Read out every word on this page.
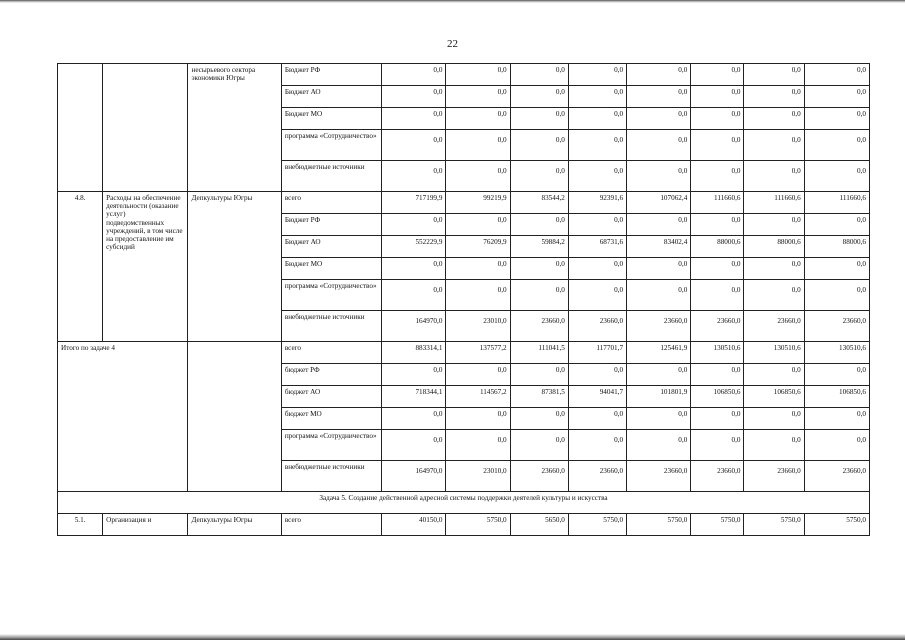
22
		несырьевого сектора экономики Югры	Бюджет РФ	0,0	0,0	0,0	0,0	0,0	0,0	0,0	0,0
			Бюджет АО	0,0	0,0	0,0	0,0	0,0	0,0	0,0	0,0
			Бюджет МО	0,0	0,0	0,0	0,0	0,0	0,0	0,0	0,0
			программа «Сотрудничество»	0,0	0,0	0,0	0,0	0,0	0,0	0,0	0,0
			внебюджетные источники	0,0	0,0	0,0	0,0	0,0	0,0	0,0	0,0
4.8.	Расходы на обеспечение деятельности (оказание услуг) подведомственных учреждений, в том числе на предоставление им субсидий	Депкультуры Югры	всего	717199,9	99219,9	83544,2	92391,6	107062,4	111660,6	111660,6	111660,6
			Бюджет РФ	0,0	0,0	0,0	0,0	0,0	0,0	0,0	0,0
			Бюджет АО	552229,9	76209,9	59884,2	68731,6	83402,4	88000,6	88000,6	88000,6
			Бюджет МО	0,0	0,0	0,0	0,0	0,0	0,0	0,0	0,0
			программа «Сотрудничество»	0,0	0,0	0,0	0,0	0,0	0,0	0,0	0,0
			внебюджетные источники	164970,0	23010,0	23660,0	23660,0	23660,0	23660,0	23660,0	23660,0
Итого по задаче 4			всего	883314,1	137577,2	111041,5	117701,7	125461,9	130510,6	130510,6	130510,6
			бюджет РФ	0,0	0,0	0,0	0,0	0,0	0,0	0,0	0,0
			бюджет АО	718344,1	114567,2	87381,5	94041,7	101801,9	106850,6	106850,6	106850,6
			бюджет МО	0,0	0,0	0,0	0,0	0,0	0,0	0,0	0,0
			программа «Сотрудничество»	0,0	0,0	0,0	0,0	0,0	0,0	0,0	0,0
			внебюджетные источники	164970,0	23010,0	23660,0	23660,0	23660,0	23660,0	23660,0	23660,0
Задача 5. Создание действенной адресной системы поддержки деятелей культуры и искусства											
5.1.	Организация и	Депкультуры Югры	всего	40150,0	5750,0	5650,0	5750,0	5750,0	5750,0	5750,0	5750,0
